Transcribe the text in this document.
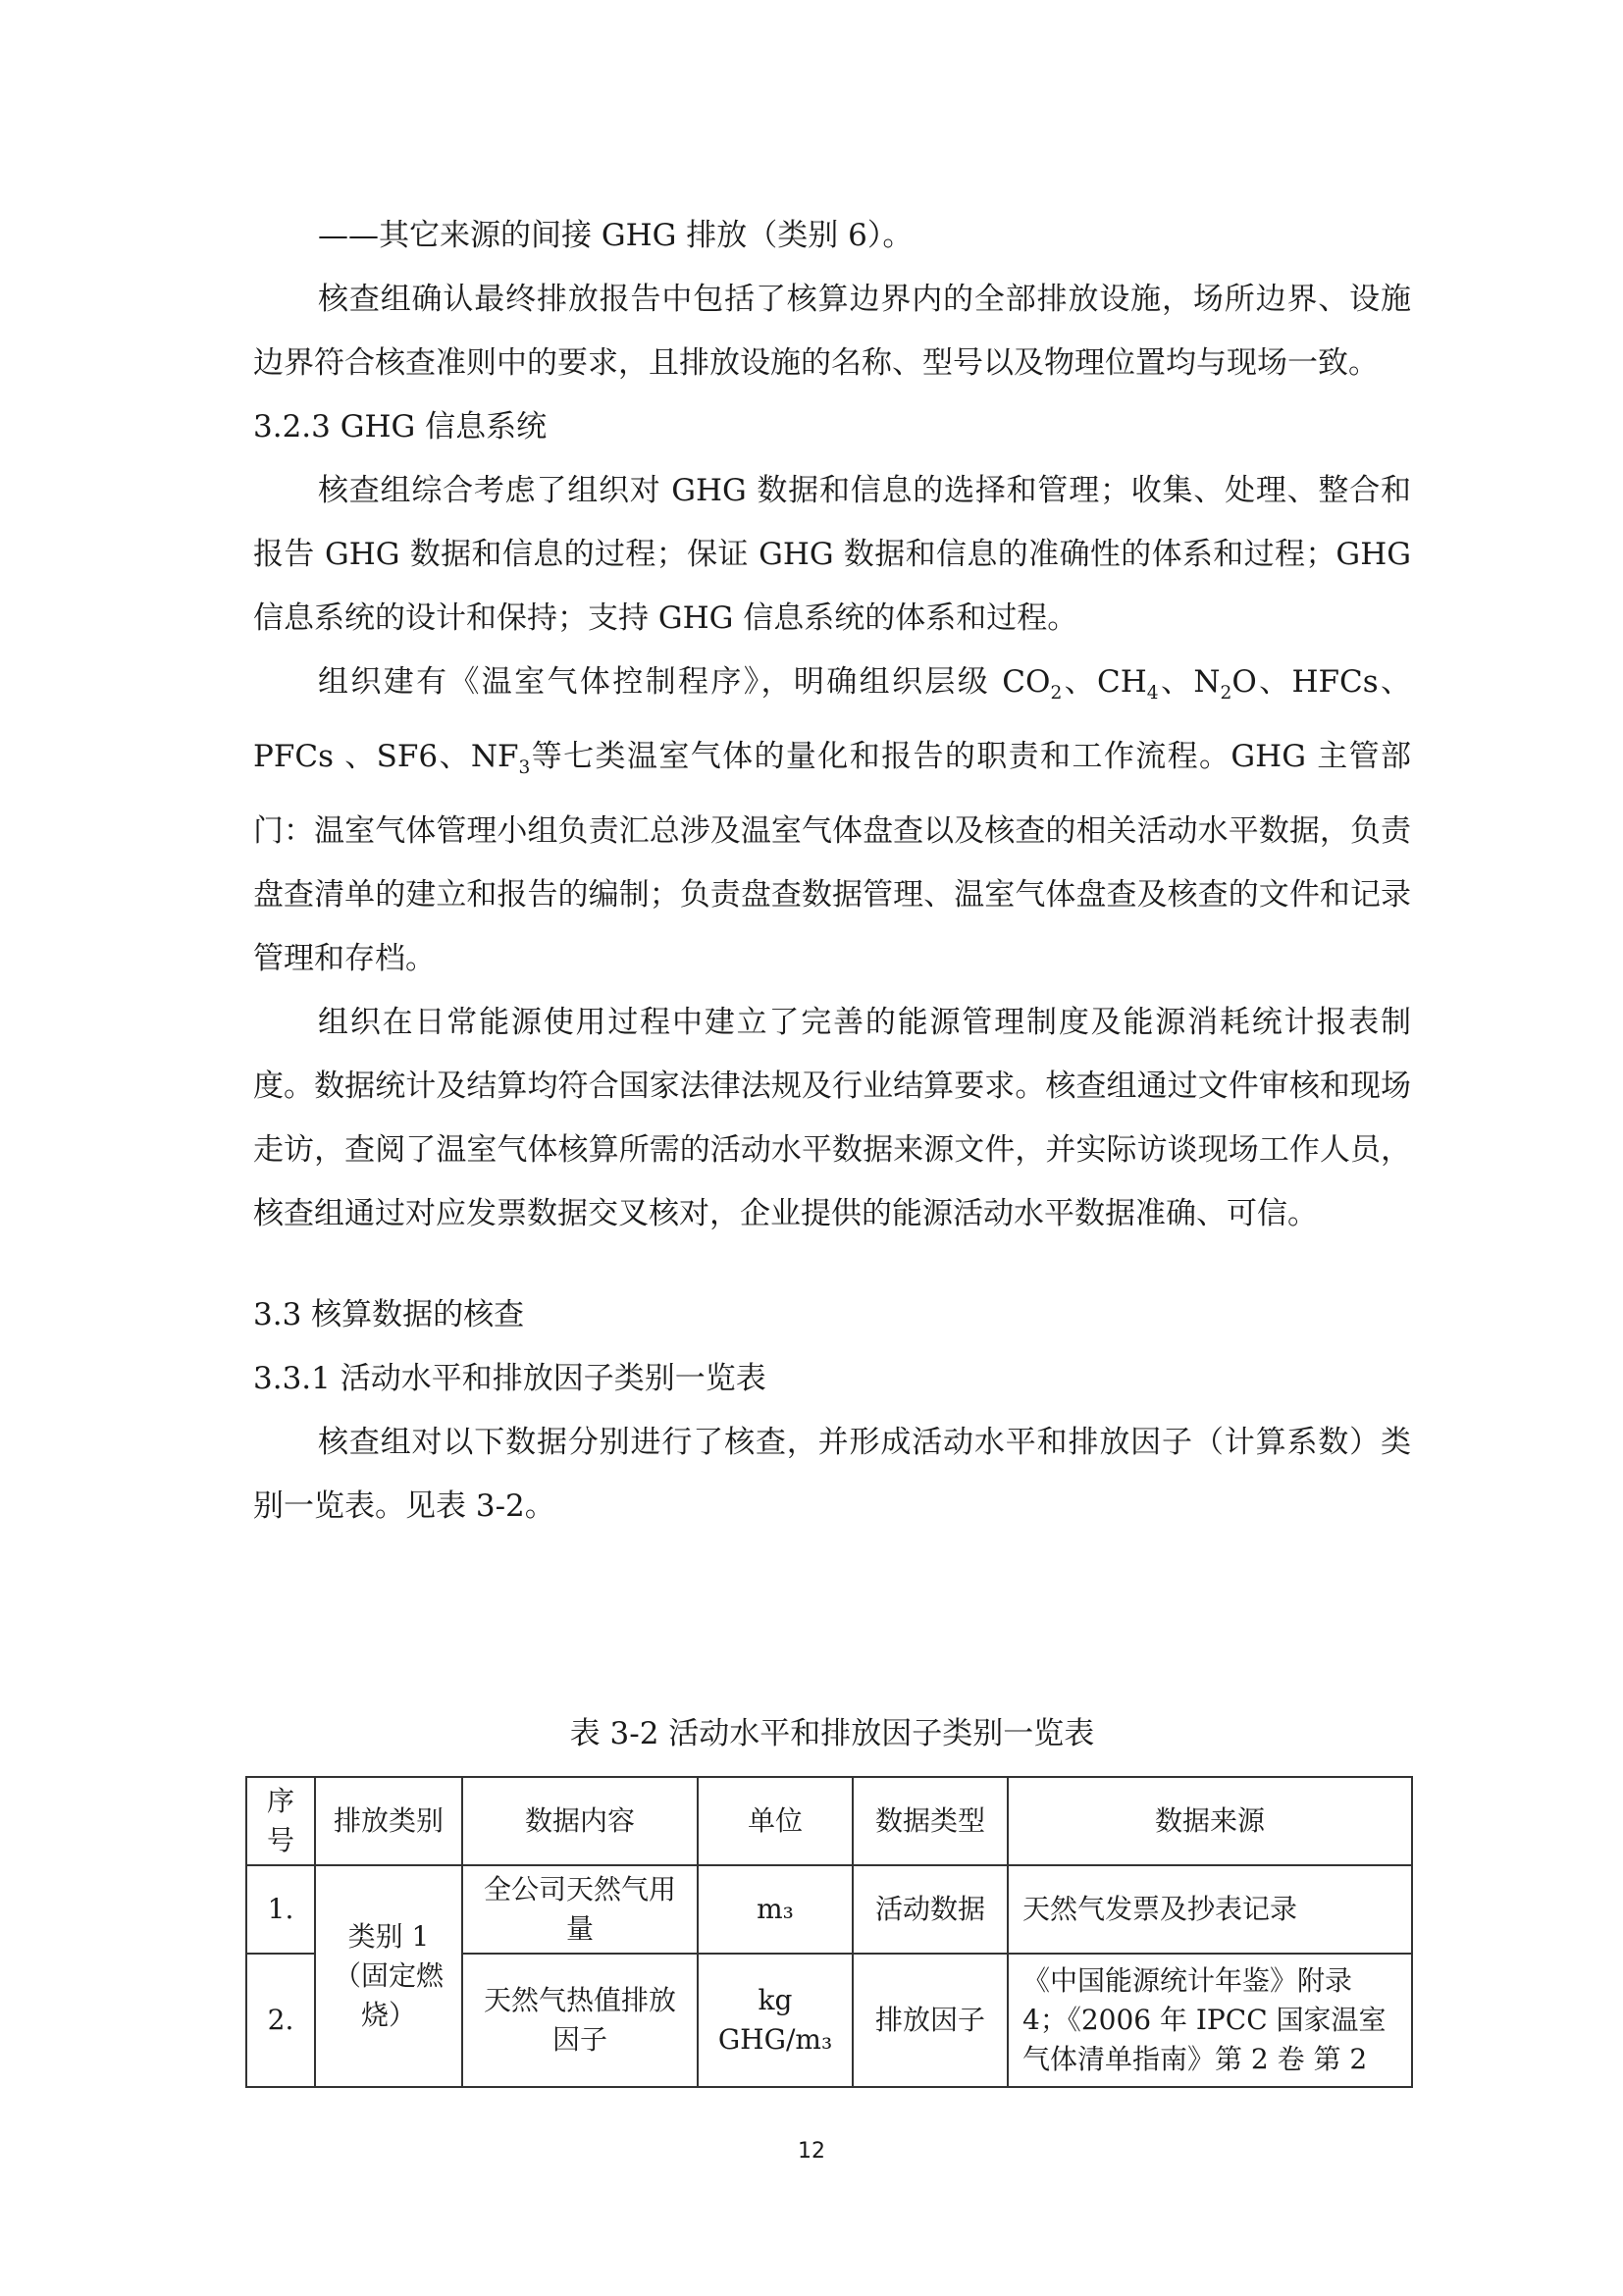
——其它来源的间接 GHG 排放（类别 6）。

核查组确认最终排放报告中包括了核算边界内的全部排放设施，场所边界、设施边界符合核查准则中的要求，且排放设施的名称、型号以及物理位置均与现场一致。

3.2.3 GHG 信息系统

核查组综合考虑了组织对 GHG 数据和信息的选择和管理；收集、处理、整合和报告 GHG 数据和信息的过程；保证 GHG 数据和信息的准确性的体系和过程；GHG 信息系统的设计和保持；支持 GHG 信息系统的体系和过程。

组织建有《温室气体控制程序》，明确组织层级 $CO_2$、$CH_4$、$N_2O$、HFCs、PFCs 、SF6、$NF_3$等七类温室气体的量化和报告的职责和工作流程。GHG 主管部门：温室气体管理小组负责汇总涉及温室气体盘查以及核查的相关活动水平数据，负责盘查清单的建立和报告的编制；负责盘查数据管理、温室气体盘查及核查的文件和记录管理和存档。

组织在日常能源使用过程中建立了完善的能源管理制度及能源消耗统计报表制度。数据统计及结算均符合国家法律法规及行业结算要求。核查组通过文件审核和现场走访，查阅了温室气体核算所需的活动水平数据来源文件，并实际访谈现场工作人员，核查组通过对应发票数据交叉核对，企业提供的能源活动水平数据准确、可信。

3.3 核算数据的核查

3.3.1 活动水平和排放因子类别一览表

核查组对以下数据分别进行了核查，并形成活动水平和排放因子（计算系数）类别一览表。见表 3-2。

表 3-2 活动水平和排放因子类别一览表
序号	排放类别	数据内容	单位	数据类型	数据来源
1.	类别 1（固定燃烧）	全公司天然气用量	m₃	活动数据	天然气发票及抄表记录
2.		天然气热值排放因子	kg GHG/m₃	排放因子	《中国能源统计年鉴》附录 4；《2006 年 IPCC 国家温室气体清单指南》第 2 卷 第 2
12
